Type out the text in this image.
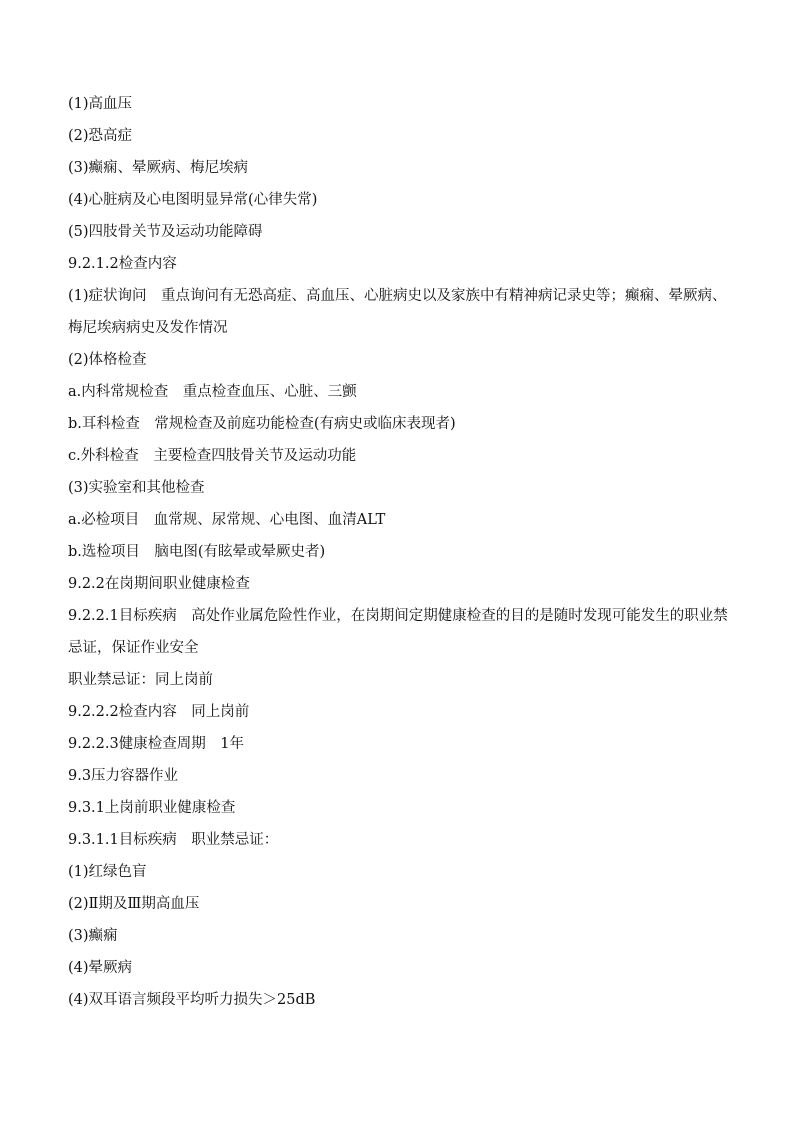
(1)高血压
(2)恐高症
(3)癫痫、晕厥病、梅尼埃病
(4)心脏病及心电图明显异常(心律失常)
(5)四肢骨关节及运动功能障碍
9.2.1.2检查内容
(1)症状询问　重点询问有无恐高症、高血压、心脏病史以及家族中有精神病记录史等；癫痫、晕厥病、梅尼埃病病史及发作情况
(2)体格检查
a.内科常规检查　重点检查血压、心脏、三颤
b.耳科检查　常规检查及前庭功能检查(有病史或临床表现者)
c.外科检查　主要检查四肢骨关节及运动功能
(3)实验室和其他检查
a.必检项目　血常规、尿常规、心电图、血清ALT
b.选检项目　脑电图(有眩晕或晕厥史者)
9.2.2在岗期间职业健康检查
9.2.2.1目标疾病　高处作业属危险性作业，在岗期间定期健康检查的目的是随时发现可能发生的职业禁忌证，保证作业安全
职业禁忌证：同上岗前
9.2.2.2检查内容　同上岗前
9.2.2.3健康检查周期　1年
9.3压力容器作业
9.3.1上岗前职业健康检查
9.3.1.1目标疾病　职业禁忌证：
(1)红绿色盲
(2)Ⅱ期及Ⅲ期高血压
(3)癫痫
(4)晕厥病
(4)双耳语言频段平均听力损失＞25dB
